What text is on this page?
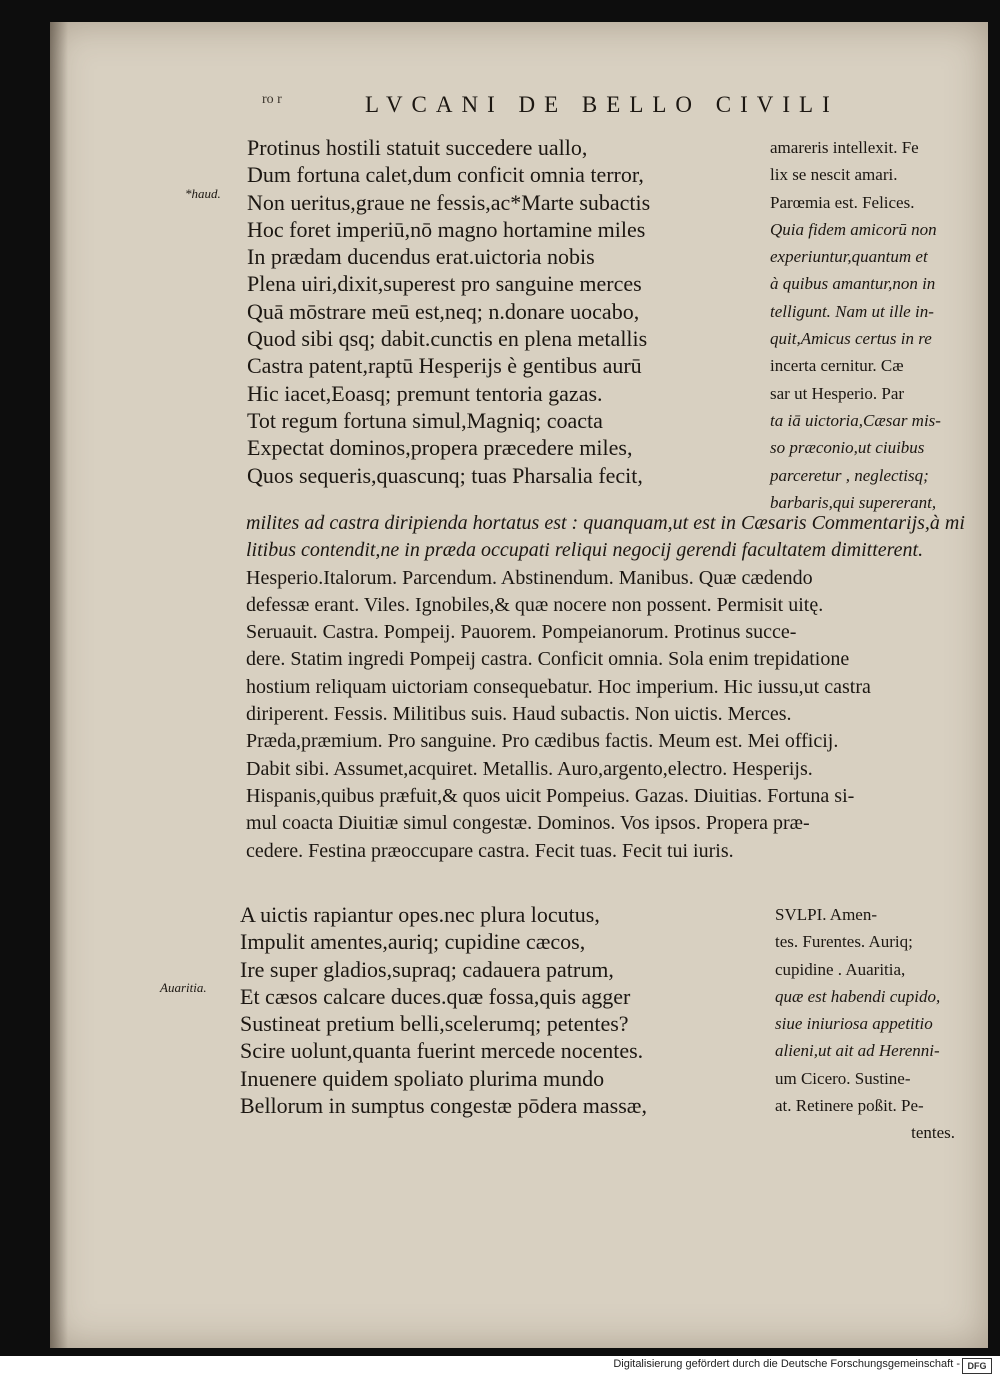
ro r	LVCANI DE BELLO CIVILI
*haud.
Auaritia.
Protinus hostili statuit succedere uallo,
Dum fortuna calet,dum conficit omnia terror,
Non ueritus,graue ne fessis,ac*Marte subactis
Hoc foret imperiū,nō magno hortamine miles
In prædam ducendus erat.uictoria nobis
Plena uiri,dixit,superest pro sanguine merces
Quā mōstrare meū est,neq; n.donare uocabo,
Quod sibi qsq; dabit.cunctis en plena metallis
Castra patent,raptū Hesperijs è gentibus aurū
Hic iacet,Eoasq; premunt tentoria gazas.
Tot regum fortuna simul,Magniq; coacta
Expectat dominos,propera præcedere miles,
Quos sequeris,quascunq; tuas Pharsalia fecit,
amareris intellexit. Fe
lix se nescit amari.
Parœmia est. Felices.
Quia fidem amicorū non
experiuntur,quantum et
à quibus amantur,non in
telligunt. Nam ut ille in-
quit,Amicus certus in re
incerta cernitur. Cæ
sar ut Hesperio. Par
ta iā uictoria,Cæsar mis-
so præconio,ut ciuibus
parceretur , neglectisq;
barbaris,qui supererant,
milites ad castra diripienda hortatus est : quanquam,ut est in Cæsaris Commentarijs,à mi
litibus contendit,ne in præda occupati reliqui negocij gerendi facultatem dimitterent.
Hesperio.Italorum. Parcendum. Abstinendum. Manibus. Quæ cædendo
defessæ erant. Viles. Ignobiles,& quæ nocere non possent. Permisit uitę.
Seruauit. Castra. Pompeij. Pauorem. Pompeianorum. Protinus succe-
dere. Statim ingredi Pompeij castra. Conficit omnia. Sola enim trepidatione
hostium reliquam uictoriam consequebatur. Hoc imperium. Hic iussu,ut castra
diriperent. Fessis. Militibus suis. Haud subactis. Non uictis. Merces.
Præda,præmium. Pro sanguine. Pro cædibus factis. Meum est. Mei officij.
Dabit sibi. Assumet,acquiret. Metallis. Auro,argento,electro. Hesperijs.
Hispanis,quibus præfuit,& quos uicit Pompeius. Gazas. Diuitias. Fortuna si-
mul coacta Diuitiæ simul congestæ. Dominos. Vos ipsos. Propera præ-
cedere. Festina præoccupare castra. Fecit tuas. Fecit tui iuris.
A uictis rapiantur opes.nec plura locutus,
Impulit amentes,auriq; cupidine cæcos,
Ire super gladios,supraq; cadauera patrum,
Et cæsos calcare duces.quæ fossa,quis agger
Sustineat pretium belli,scelerumq; petentes?
Scire uolunt,quanta fuerint mercede nocentes.
Inuenere quidem spoliato plurima mundo
Bellorum in sumptus congestæ pōdera massæ,
SVLPI. Amen-
tes. Furentes. Auriq;
cupidine . Auaritia,
quæ est habendi cupido,
siue iniuriosa appetitio
alieni,ut ait ad Herenni-
um Cicero. Sustine-
at. Retinere poßit. Pe-
tentes.
Digitalisierung gefördert durch die Deutsche Forschungsgemeinschaft - DFG
